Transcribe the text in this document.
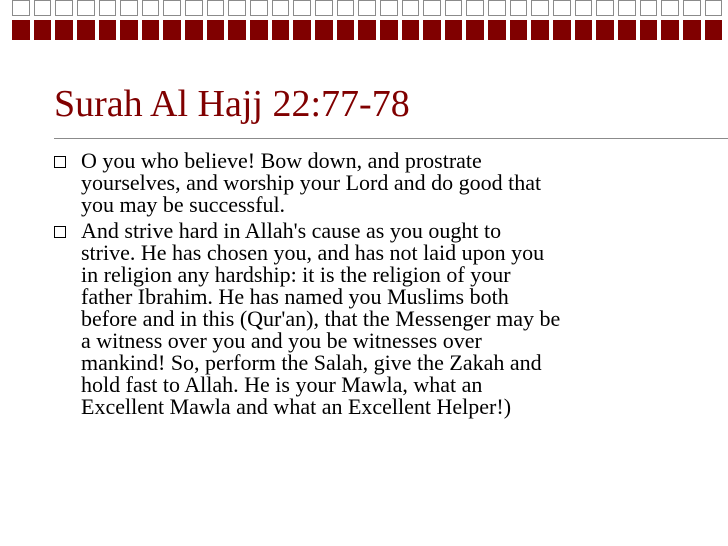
Surah Al Hajj 22:77-78
O you who believe! Bow down, and prostrate
yourselves, and worship your Lord and do good that
you may be successful.
And strive hard in Allah's cause as you ought to
strive. He has chosen you, and has not laid upon you
in religion any hardship: it is the religion of your
father Ibrahim. He has named you Muslims both
before and in this (Qur'an), that the Messenger may be
a witness over you and you be witnesses over
mankind! So, perform the Salah, give the Zakah and
hold fast to Allah. He is your Mawla, what an
Excellent Mawla and what an Excellent Helper!)
